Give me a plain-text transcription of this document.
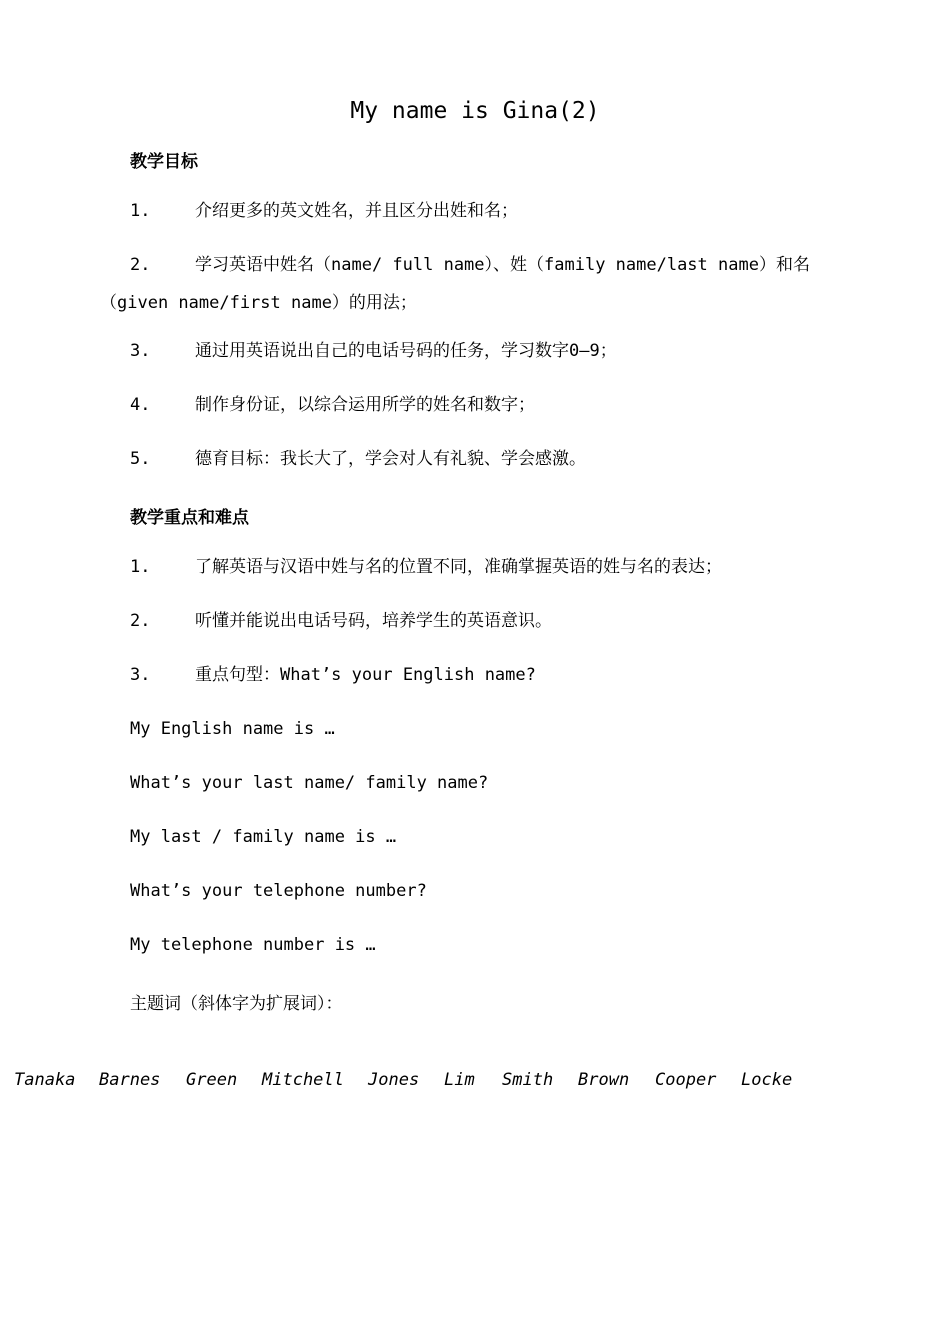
My name is Gina(2)
教学目标
1.	介绍更多的英文姓名，并且区分出姓和名；
2.	学习英语中姓名（name/ full name）、姓（family name/last name）和名
（given name/first name）的用法；
3.	通过用英语说出自己的电话号码的任务，学习数字0—9；
4.	制作身份证，以综合运用所学的姓名和数字；
5.	德育目标：我长大了，学会对人有礼貌、学会感激。
教学重点和难点
1.	了解英语与汉语中姓与名的位置不同，准确掌握英语的姓与名的表达；
2.	听懂并能说出电话号码，培养学生的英语意识。
3.	重点句型：What’s your English name?
My English name is …
What’s your last name/ family name?
My last / family name is …
What’s your telephone number?
My telephone number is …
主题词（斜体字为扩展词）：
Tanaka Barnes Green Mitchell Jones Lim Smith Brown Cooper Locke
